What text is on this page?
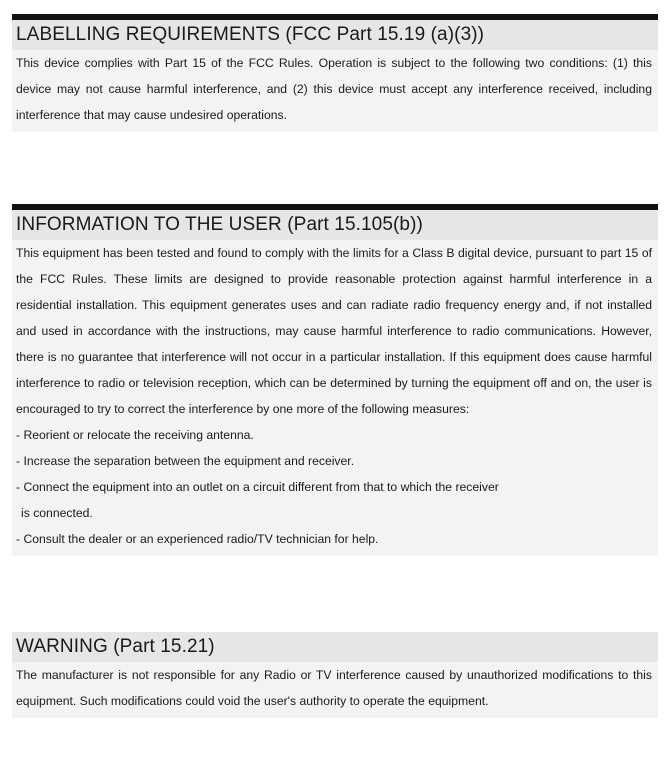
LABELLING REQUIREMENTS (FCC Part 15.19 (a)(3))

This device complies with Part 15 of the FCC Rules. Operation is subject to the following two conditions: (1) this device may not cause harmful interference, and (2) this device must accept any interference received, including interference that may cause undesired operations.

INFORMATION TO THE USER (Part 15.105(b))

This equipment has been tested and found to comply with the limits for a Class B digital device, pursuant to part 15 of the FCC Rules. These limits are designed to provide reasonable protection against harmful interference in a residential installation. This equipment generates uses and can radiate radio frequency energy and, if not installed and used in accordance with the instructions, may cause harmful interference to radio communications. However, there is no guarantee that interference will not occur in a particular installation. If this equipment does cause harmful interference to radio or television reception, which can be determined by turning the equipment off and on, the user is encouraged to try to correct the interference by one more of the following measures:

- Reorient or relocate the receiving antenna.

- Increase the separation between the equipment and receiver.

- Connect the equipment into an outlet on a circuit different from that to which the receiver

is connected.

- Consult the dealer or an experienced radio/TV technician for help.

WARNING (Part 15.21)

The manufacturer is not responsible for any Radio or TV interference caused by unauthorized modifications to this equipment. Such modifications could void the user's authority to operate the equipment.
